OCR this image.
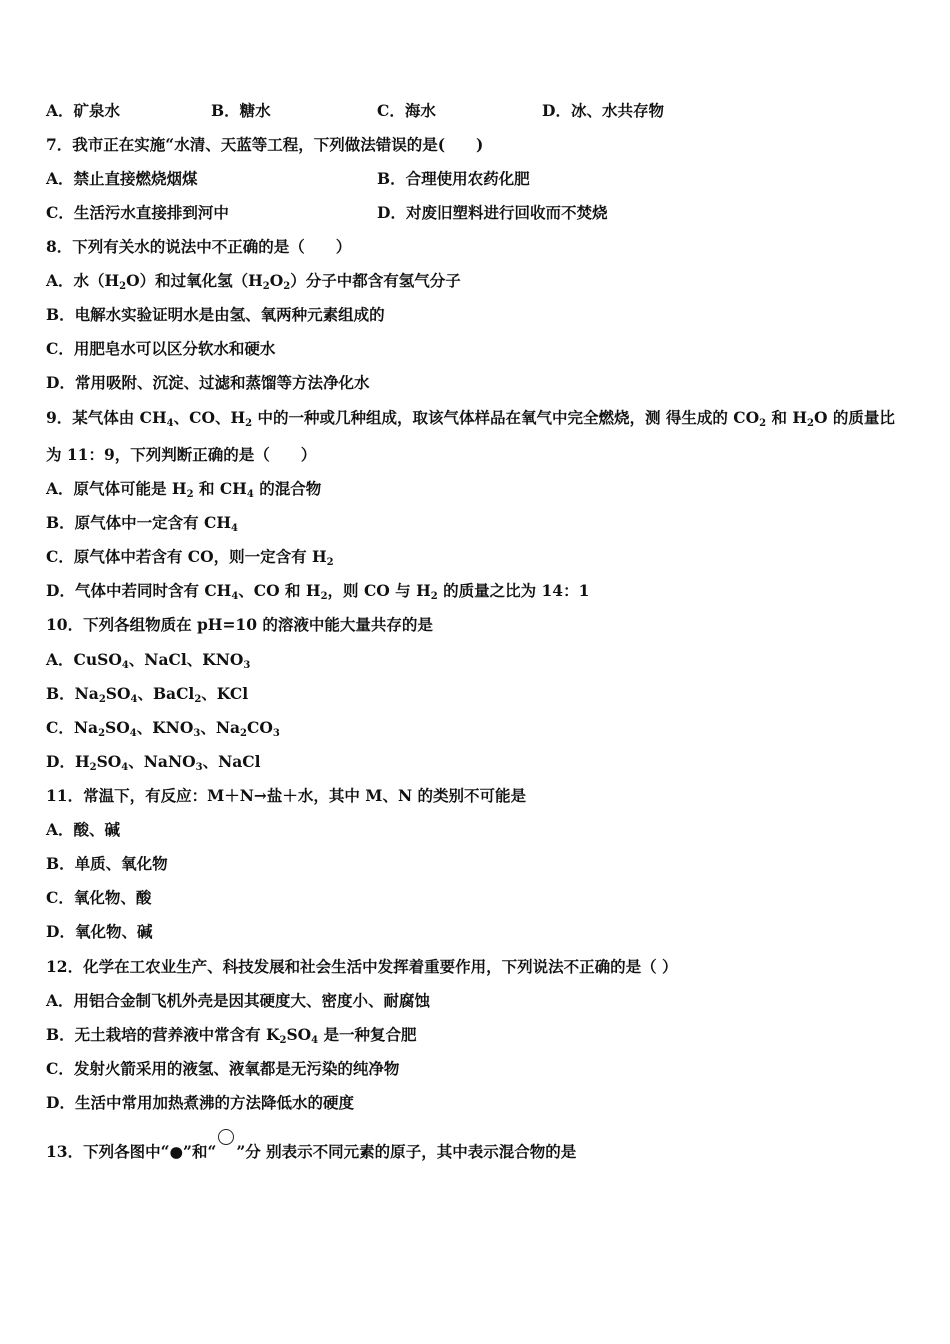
A．矿泉水	B．糖水	C．海水	D．冰、水共存物
7．我市正在实施“水清、天蓝等工程，下列做法错误的是(　　)
A．禁止直接燃烧烟煤	B．合理使用农药化肥
C．生活污水直接排到河中	D．对废旧塑料进行回收而不焚烧
8．下列有关水的说法中不正确的是（　　）
A．水$(H_2O)$和过氧化氢$(H_2O_2)$分子中都含有氢气分子
B．电解水实验证明水是由氢、氧两种元素组成的
C．用肥皂水可以区分软水和硬水
D．常用吸附、沉淀、过滤和蒸馏等方法净化水
9．某气体由 $CH_4$、CO、$H_2$ 中的一种或几种组成，取该气体样品在氧气中完全燃烧，测 得生成的 $CO_2$ 和 $H_2O$ 的质量比
为 11：9，下列判断正确的是（　　）
A．原气体可能是 $H_2$ 和 $CH_4$ 的混合物
B．原气体中一定含有 $CH_4$
C．原气体中若含有 CO，则一定含有 $H_2$
D．气体中若同时含有 $CH_4$、CO 和 $H_2$，则 CO 与 $H_2$ 的质量之比为 14：1
10．下列各组物质在 pH=10 的溶液中能大量共存的是
A．CuSO$_4$、NaCl、$KNO_3$
B．$Na_2SO_4$、BaCl$_2$、KCl
C．$Na_2SO_4$、$KNO_3$、$Na_2CO_3$
D．$H_2SO_4$、NaNO$_3$、NaCl
11．常温下，有反应：M＋N→盐＋水，其中 M、N 的类别不可能是
A．酸、碱
B．单质、氧化物
C．氧化物、酸
D．氧化物、碱
12．化学在工农业生产、科技发展和社会生活中发挥着重要作用，下列说法不正确的是（ ）
A．用铝合金制飞机外壳是因其硬度大、密度小、耐腐蚀
B．无土栽培的营养液中常含有 $K_2SO_4$ 是一种复合肥
C．发射火箭采用的液氢、液氧都是无污染的纯净物
D．生活中常用加热煮沸的方法降低水的硬度
13．下列各图中“●”和“ ”分 别表示不同元素的原子，其中表示混合物的是
